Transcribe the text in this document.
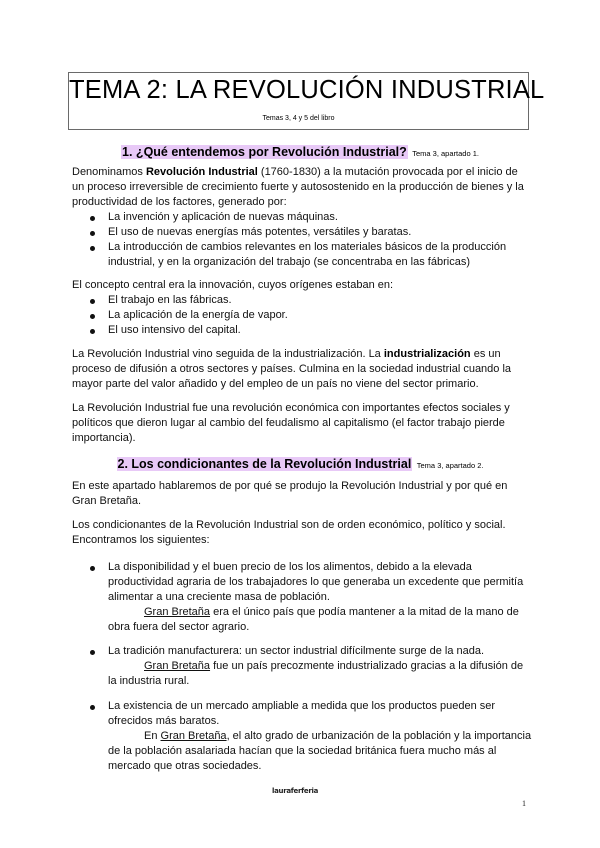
TEMA 2: LA REVOLUCIÓN INDUSTRIAL
Temas 3, 4 y 5 del libro
1. ¿Qué entendemos por Revolución Industrial? Tema 3, apartado 1.

Denominamos Revolución Industrial (1760-1830) a la mutación provocada por el inicio de un proceso irreversible de crecimiento fuerte y autosostenido en la producción de bienes y la productividad de los factores, generado por:

La invención y aplicación de nuevas máquinas.
El uso de nuevas energías más potentes, versátiles y baratas.
La introducción de cambios relevantes en los materiales básicos de la producción industrial, y en la organización del trabajo (se concentraba en las fábricas)

El concepto central era la innovación, cuyos orígenes estaban en:

El trabajo en las fábricas.
La aplicación de la energía de vapor.
El uso intensivo del capital.

La Revolución Industrial vino seguida de la industrialización. La industrialización es un proceso de difusión a otros sectores y países. Culmina en la sociedad industrial cuando la mayor parte del valor añadido y del empleo de un país no viene del sector primario.

La Revolución Industrial fue una revolución económica con importantes efectos sociales y políticos que dieron lugar al cambio del feudalismo al capitalismo (el factor trabajo pierde importancia).

2. Los condicionantes de la Revolución Industrial Tema 3, apartado 2.

En este apartado hablaremos de por qué se produjo la Revolución Industrial y por qué en Gran Bretaña.

Los condicionantes de la Revolución Industrial son de orden económico, político y social. Encontramos los siguientes:

La disponibilidad y el buen precio de los los alimentos, debido a la elevada productividad agraria de los trabajadores lo que generaba un excedente que permitía alimentar a una creciente masa de población.
Gran Bretaña era el único país que podía mantener a la mitad de la mano de obra fuera del sector agrario.
La tradición manufacturera: un sector industrial difícilmente surge de la nada.
Gran Bretaña fue un país precozmente industrializado gracias a la difusión de la industria rural.
La existencia de un mercado ampliable a medida que los productos pueden ser ofrecidos más baratos.
En Gran Bretaña, el alto grado de urbanización de la población y la importancia de la población asalariada hacían que la sociedad británica fuera mucho más al mercado que otras sociedades.
lauraferferia
1
